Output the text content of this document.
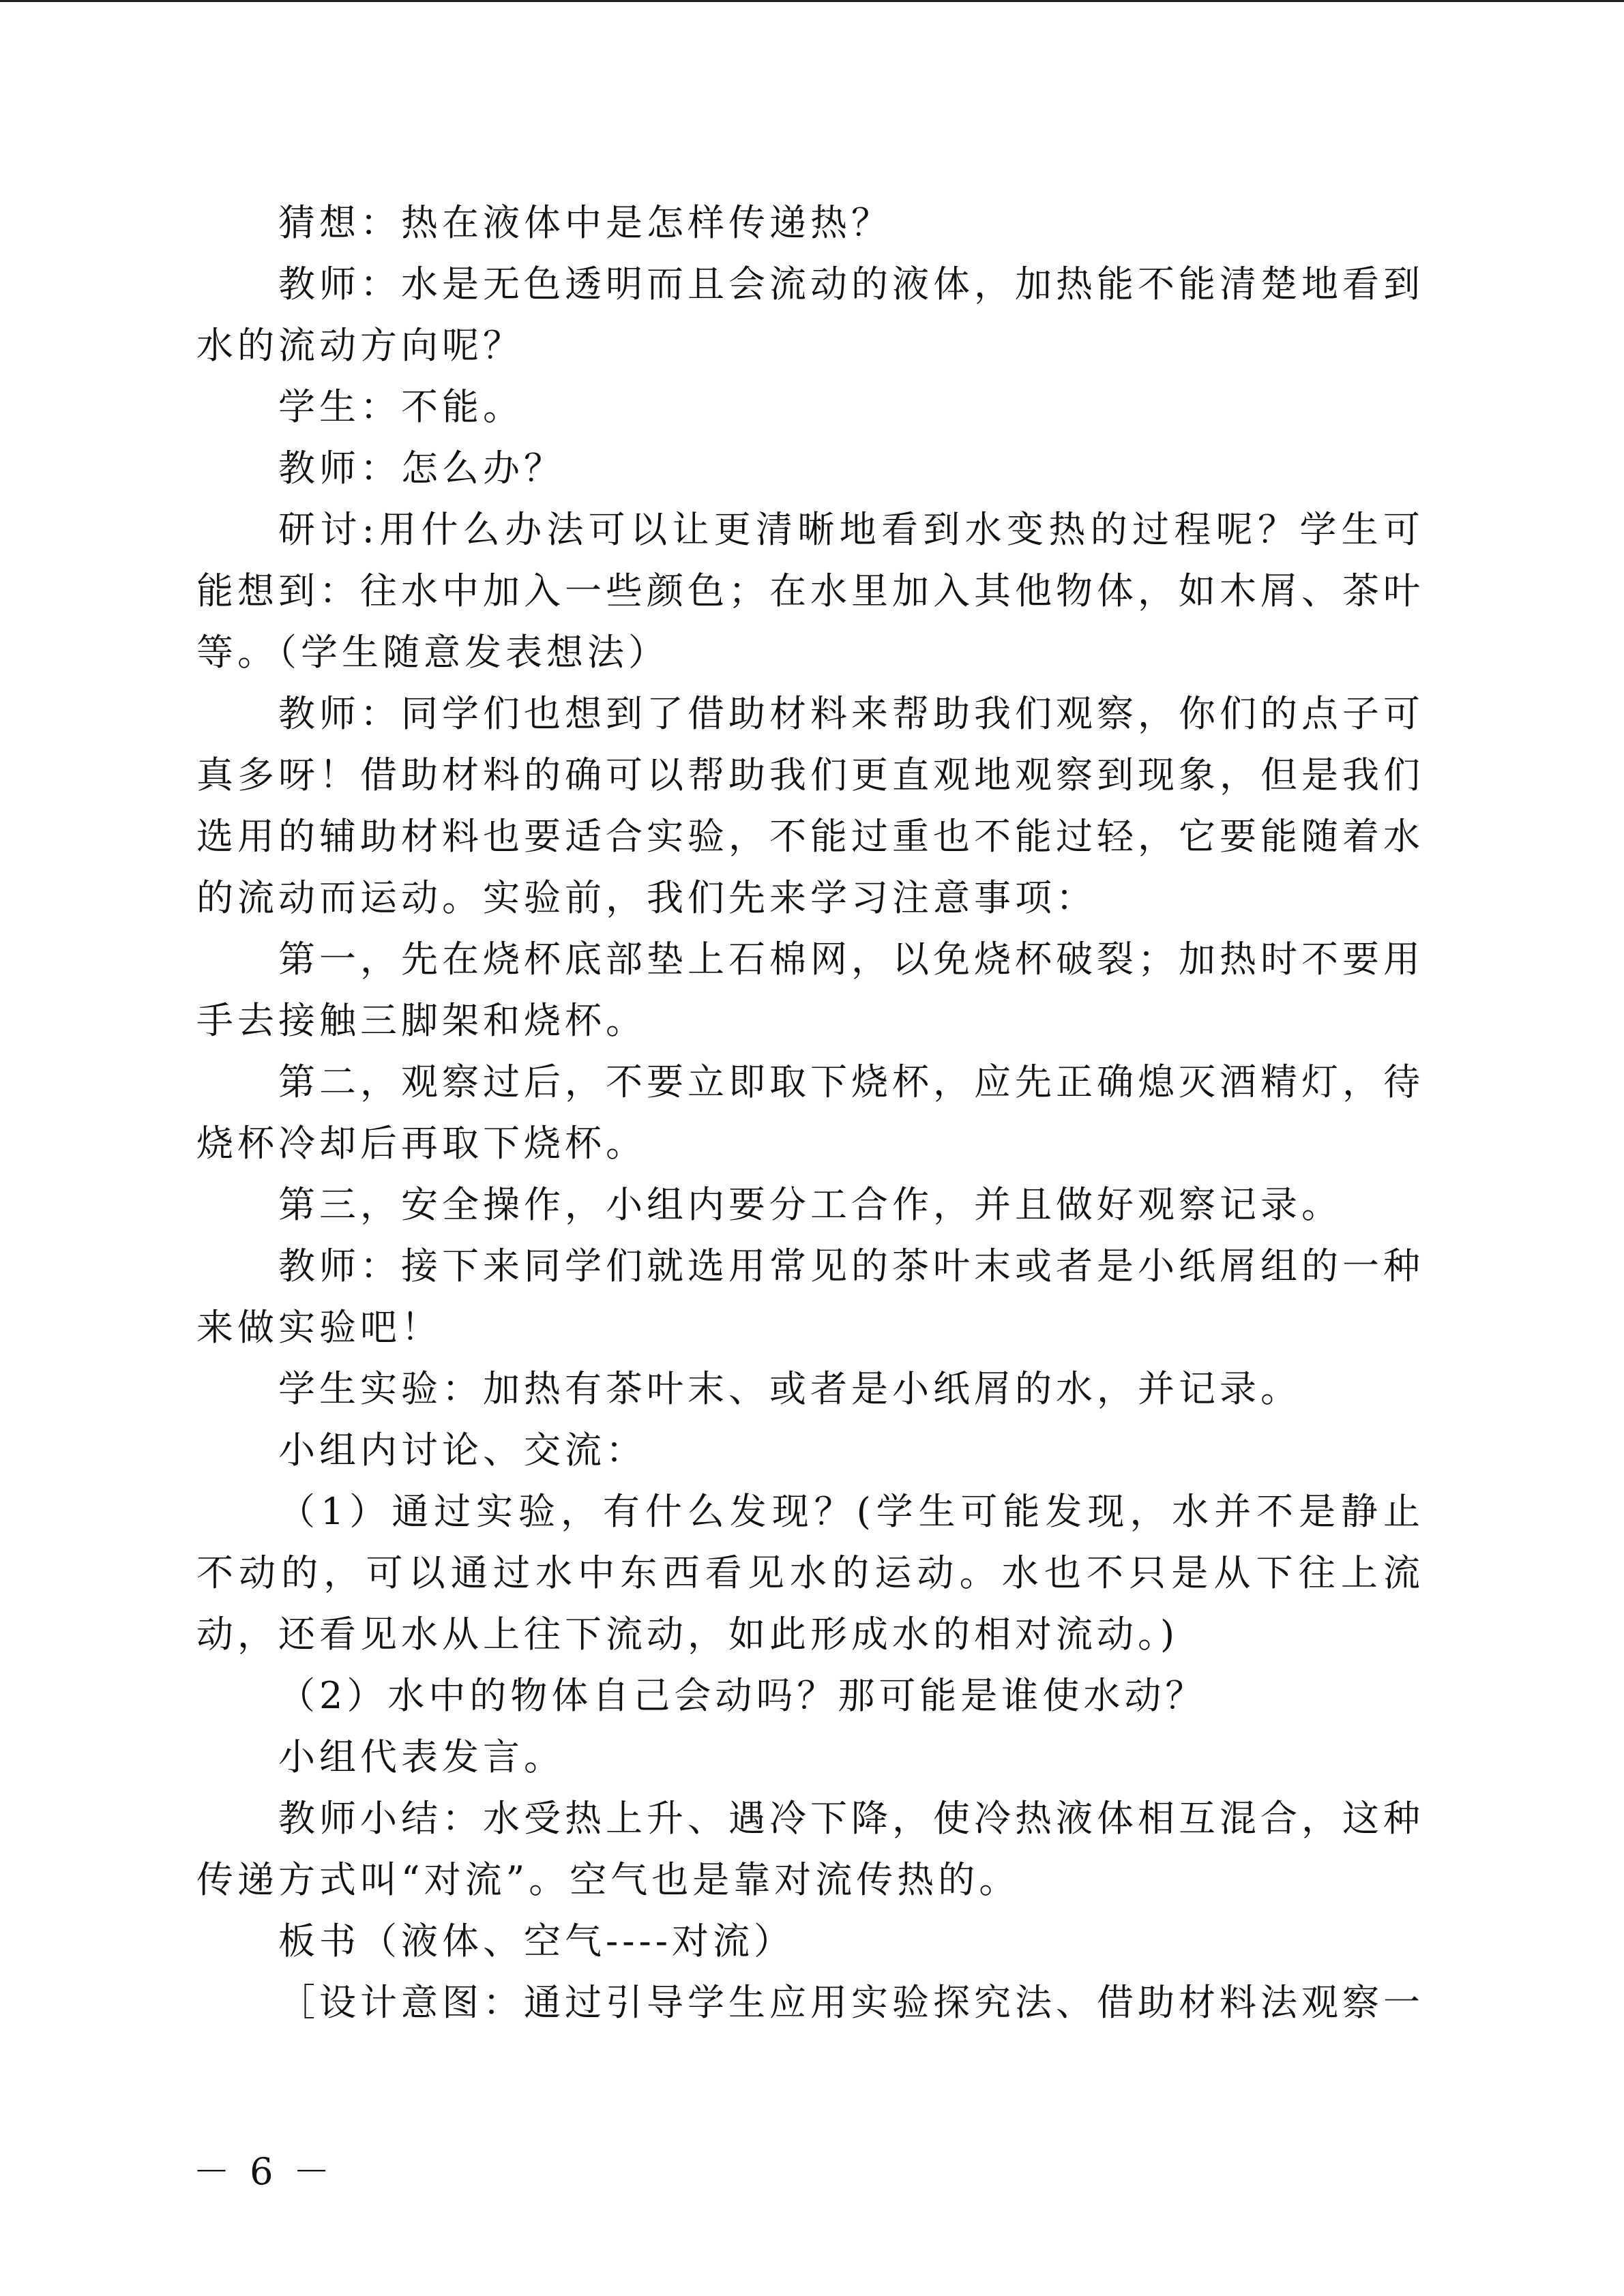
猜想：热在液体中是怎样传递热？

教师：水是无色透明而且会流动的液体，加热能不能清楚地看到水的流动方向呢？

学生：不能。

教师：怎么办？

研讨:用什么办法可以让更清晰地看到水变热的过程呢？学生可能想到：往水中加入一些颜色；在水里加入其他物体，如木屑、茶叶等。（学生随意发表想法）

教师：同学们也想到了借助材料来帮助我们观察，你们的点子可真多呀！借助材料的确可以帮助我们更直观地观察到现象，但是我们选用的辅助材料也要适合实验，不能过重也不能过轻，它要能随着水的流动而运动。实验前，我们先来学习注意事项：

第一，先在烧杯底部垫上石棉网，以免烧杯破裂；加热时不要用手去接触三脚架和烧杯。

第二，观察过后，不要立即取下烧杯，应先正确熄灭酒精灯，待烧杯冷却后再取下烧杯。

第三，安全操作，小组内要分工合作，并且做好观察记录。

教师：接下来同学们就选用常见的茶叶末或者是小纸屑组的一种来做实验吧！

学生实验：加热有茶叶末、或者是小纸屑的水，并记录。

小组内讨论、交流：

（1）通过实验，有什么发现？(学生可能发现，水并不是静止不动的，可以通过水中东西看见水的运动。水也不只是从下往上流动，还看见水从上往下流动，如此形成水的相对流动。)

（2）水中的物体自己会动吗？那可能是谁使水动？

小组代表发言。

教师小结：水受热上升、遇冷下降，使冷热液体相互混合，这种传递方式叫“对流”。空气也是靠对流传热的。

板书（液体、空气----对流）

［设计意图：通过引导学生应用实验探究法、借助材料法观察一

－ 6 －
